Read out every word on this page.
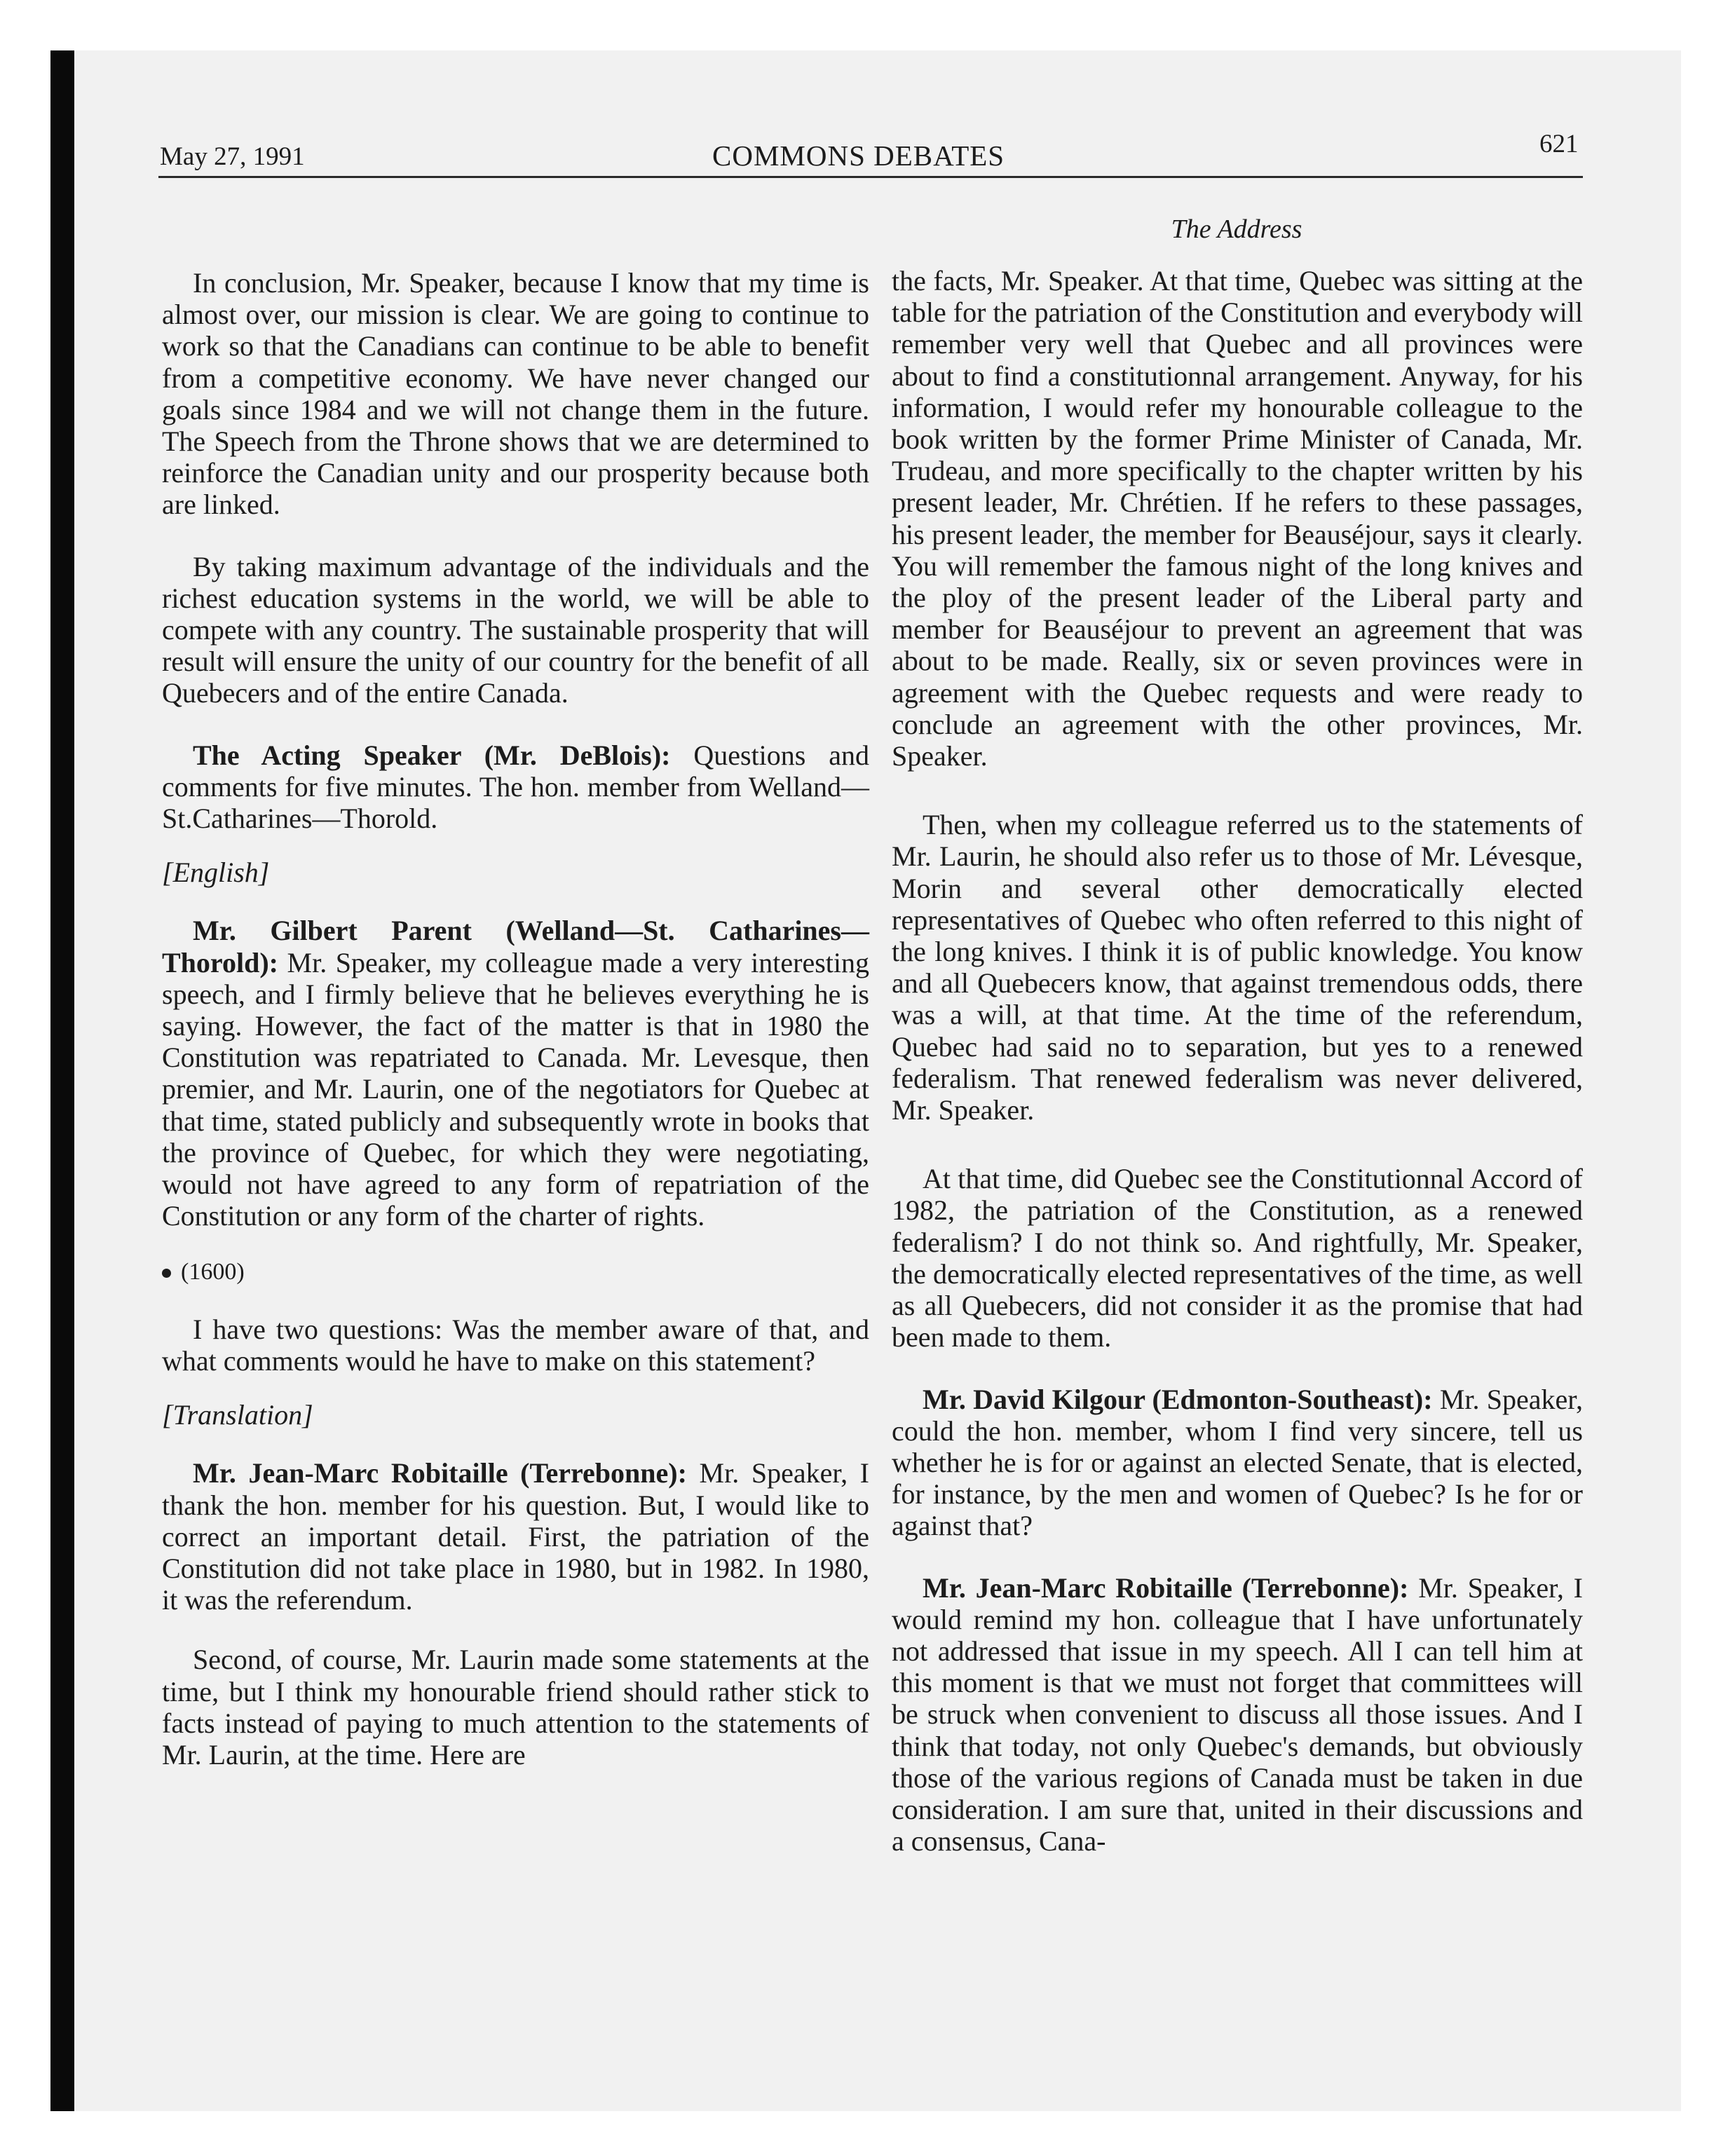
May 27, 1991	COMMONS DEBATES	621
The Address

In conclusion, Mr. Speaker, because I know that my time is almost over, our mission is clear. We are going to continue to work so that the Canadians can continue to be able to benefit from a competitive economy. We have never changed our goals since 1984 and we will not change them in the future. The Speech from the Throne shows that we are determined to reinforce the Canadian unity and our prosperity because both are linked.

By taking maximum advantage of the individuals and the richest education systems in the world, we will be able to compete with any country. The sustainable prosperity that will result will ensure the unity of our country for the benefit of all Quebecers and of the entire Canada.

The Acting Speaker (Mr. DeBlois): Questions and comments for five minutes. The hon. member from Welland—St.Catharines—Thorold.

[English]

Mr. Gilbert Parent (Welland—St. Catharines—Thorold): Mr. Speaker, my colleague made a very interesting speech, and I firmly believe that he believes everything he is saying. However, the fact of the matter is that in 1980 the Constitution was repatriated to Canada. Mr. Levesque, then premier, and Mr. Laurin, one of the negotiators for Quebec at that time, stated publicly and subsequently wrote in books that the province of Quebec, for which they were negotiating, would not have agreed to any form of repatriation of the Constitution or any form of the charter of rights.

(1600)

I have two questions: Was the member aware of that, and what comments would he have to make on this statement?

[Translation]

Mr. Jean-Marc Robitaille (Terrebonne): Mr. Speaker, I thank the hon. member for his question. But, I would like to correct an important detail. First, the patriation of the Constitution did not take place in 1980, but in 1982. In 1980, it was the referendum.

Second, of course, Mr. Laurin made some statements at the time, but I think my honourable friend should rather stick to facts instead of paying to much attention to the statements of Mr. Laurin, at the time. Here are

the facts, Mr. Speaker. At that time, Quebec was sitting at the table for the patriation of the Constitution and everybody will remember very well that Quebec and all provinces were about to find a constitutionnal arrangement. Anyway, for his information, I would refer my honourable colleague to the book written by the former Prime Minister of Canada, Mr. Trudeau, and more specifically to the chapter written by his present leader, Mr. Chrétien. If he refers to these passages, his present leader, the member for Beauséjour, says it clearly. You will remember the famous night of the long knives and the ploy of the present leader of the Liberal party and member for Beauséjour to prevent an agreement that was about to be made. Really, six or seven provinces were in agreement with the Quebec requests and were ready to conclude an agreement with the other provinces, Mr. Speaker.

Then, when my colleague referred us to the statements of Mr. Laurin, he should also refer us to those of Mr. Lévesque, Morin and several other democratically elected representatives of Quebec who often referred to this night of the long knives. I think it is of public knowledge. You know and all Quebecers know, that against tremendous odds, there was a will, at that time. At the time of the referendum, Quebec had said no to separation, but yes to a renewed federalism. That renewed federalism was never delivered, Mr. Speaker.

At that time, did Quebec see the Constitutionnal Accord of 1982, the patriation of the Constitution, as a renewed federalism? I do not think so. And rightfully, Mr. Speaker, the democratically elected representatives of the time, as well as all Quebecers, did not consider it as the promise that had been made to them.

Mr. David Kilgour (Edmonton-Southeast): Mr. Speaker, could the hon. member, whom I find very sincere, tell us whether he is for or against an elected Senate, that is elected, for instance, by the men and women of Quebec? Is he for or against that?

Mr. Jean-Marc Robitaille (Terrebonne): Mr. Speaker, I would remind my hon. colleague that I have unfortunately not addressed that issue in my speech. All I can tell him at this moment is that we must not forget that committees will be struck when convenient to discuss all those issues. And I think that today, not only Quebec's demands, but obviously those of the various regions of Canada must be taken in due consideration. I am sure that, united in their discussions and a consensus, Cana-
